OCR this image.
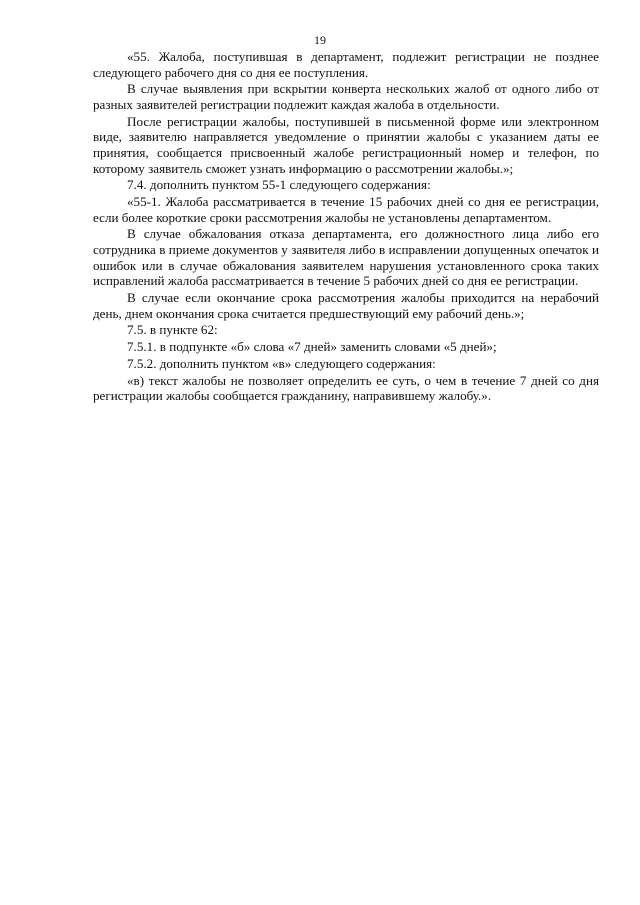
19

«55. Жалоба, поступившая в департамент, подлежит регистрации не позднее следующего рабочего дня со дня ее поступления.

В случае выявления при вскрытии конверта нескольких жалоб от одного либо от разных заявителей регистрации подлежит каждая жалоба в отдельности.

После регистрации жалобы, поступившей в письменной форме или электронном виде, заявителю направляется уведомление о принятии жалобы с указанием даты ее принятия, сообщается присвоенный жалобе регистрационный номер и телефон, по которому заявитель сможет узнать информацию о рассмотрении жалобы.»;

7.4. дополнить пунктом 55-1 следующего содержания:

«55-1. Жалоба рассматривается в течение 15 рабочих дней со дня ее регистрации, если более короткие сроки рассмотрения жалобы не установлены департаментом.

В случае обжалования отказа департамента, его должностного лица либо его сотрудника в приеме документов у заявителя либо в исправлении допущенных опечаток и ошибок или в случае обжалования заявителем нарушения установленного срока таких исправлений жалоба рассматривается в течение 5 рабочих дней со дня ее регистрации.

В случае если окончание срока рассмотрения жалобы приходится на нерабочий день, днем окончания срока считается предшествующий ему рабочий день.»;

7.5. в пункте 62:

7.5.1. в подпункте «б» слова «7 дней» заменить словами «5 дней»;

7.5.2. дополнить пунктом «в» следующего содержания:

«в) текст жалобы не позволяет определить ее суть, о чем в течение 7 дней со дня регистрации жалобы сообщается гражданину, направившему жалобу.».
